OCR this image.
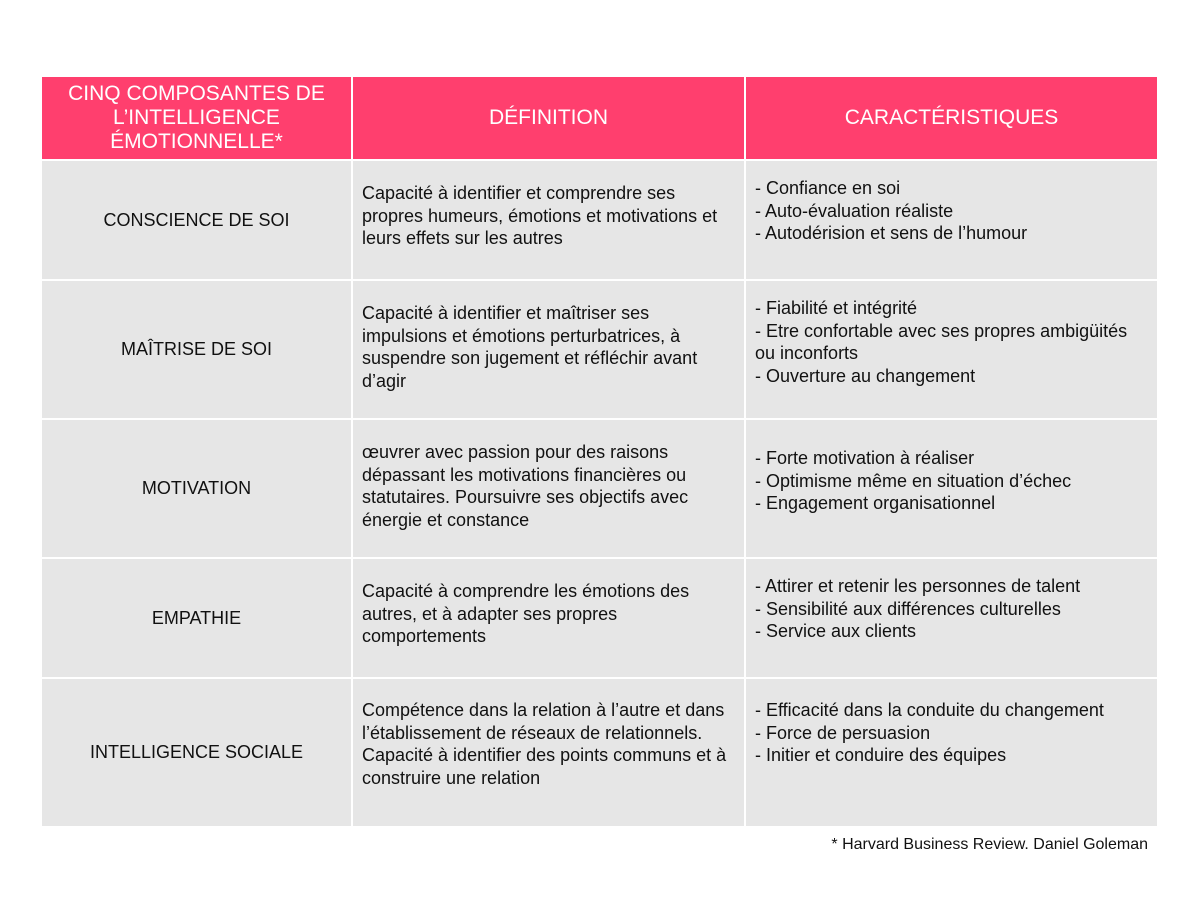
CINQ COMPOSANTES DE L’INTELLIGENCE ÉMOTIONNELLE*	DÉFINITION	CARACTÉRISTIQUES

CONSCIENCE DE SOI	Capacité à identifier et comprendre ses propres humeurs, émotions et motivations et leurs effets sur les autres	- Confiance en soi
- Auto-évaluation réaliste
- Autodérision et sens de l’humour

MAÎTRISE DE SOI	Capacité à identifier et maîtriser ses impulsions et émotions perturbatrices, à suspendre son jugement et réfléchir avant d’agir	- Fiabilité et intégrité
- Etre confortable avec ses propres ambigüités ou inconforts
- Ouverture au changement

MOTIVATION	œuvrer avec passion pour des raisons dépassant les motivations financières ou statutaires. Poursuivre ses objectifs avec énergie et constance	- Forte motivation à réaliser
- Optimisme même en situation d’échec
- Engagement organisationnel

EMPATHIE	Capacité à comprendre les émotions des autres, et à adapter ses propres comportements	- Attirer et retenir les personnes de talent
- Sensibilité aux différences culturelles
- Service aux clients

INTELLIGENCE SOCIALE	Compétence dans la relation à l’autre et dans l’établissement de réseaux de relationnels. Capacité à identifier des points communs et à construire une relation	- Efficacité dans la conduite du changement
- Force de persuasion
- Initier et conduire des équipes
* Harvard Business Review. Daniel Goleman
